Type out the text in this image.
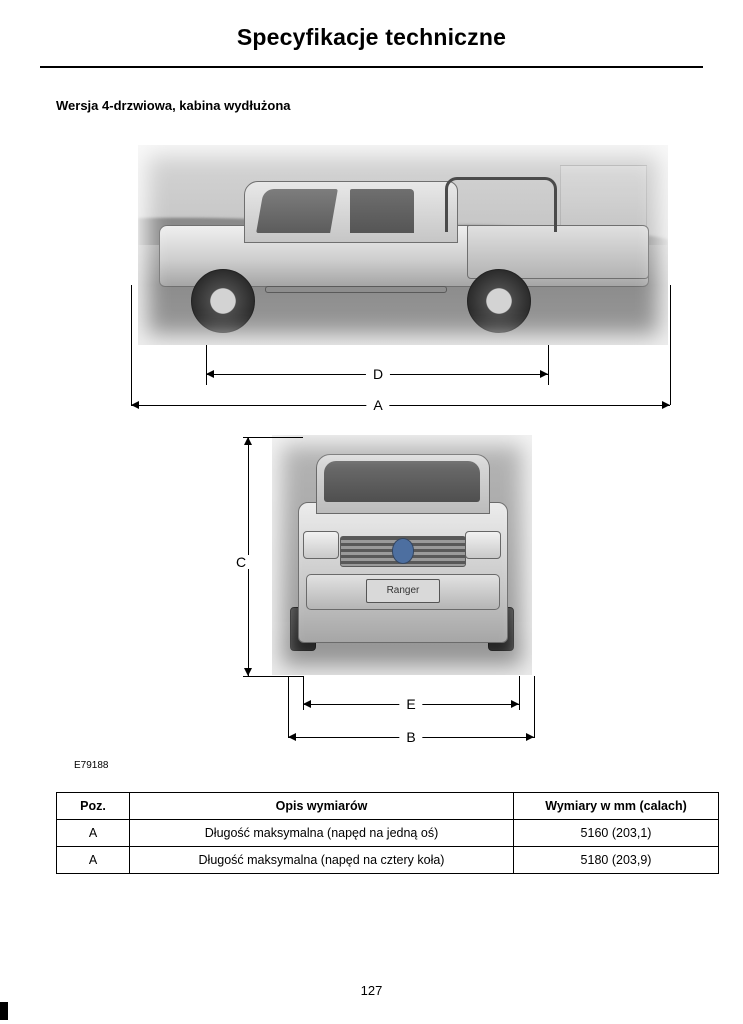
Specyfikacje techniczne
Wersja 4-drzwiowa, kabina wydłużona
D
A
Ranger
C
E
B
E79188
Poz.	Opis wymiarów	Wymiary w mm (calach)
A	Długość maksymalna (napęd na jedną oś)	5160 (203,1)
A	Długość maksymalna (napęd na cztery koła)	5180 (203,9)
127
